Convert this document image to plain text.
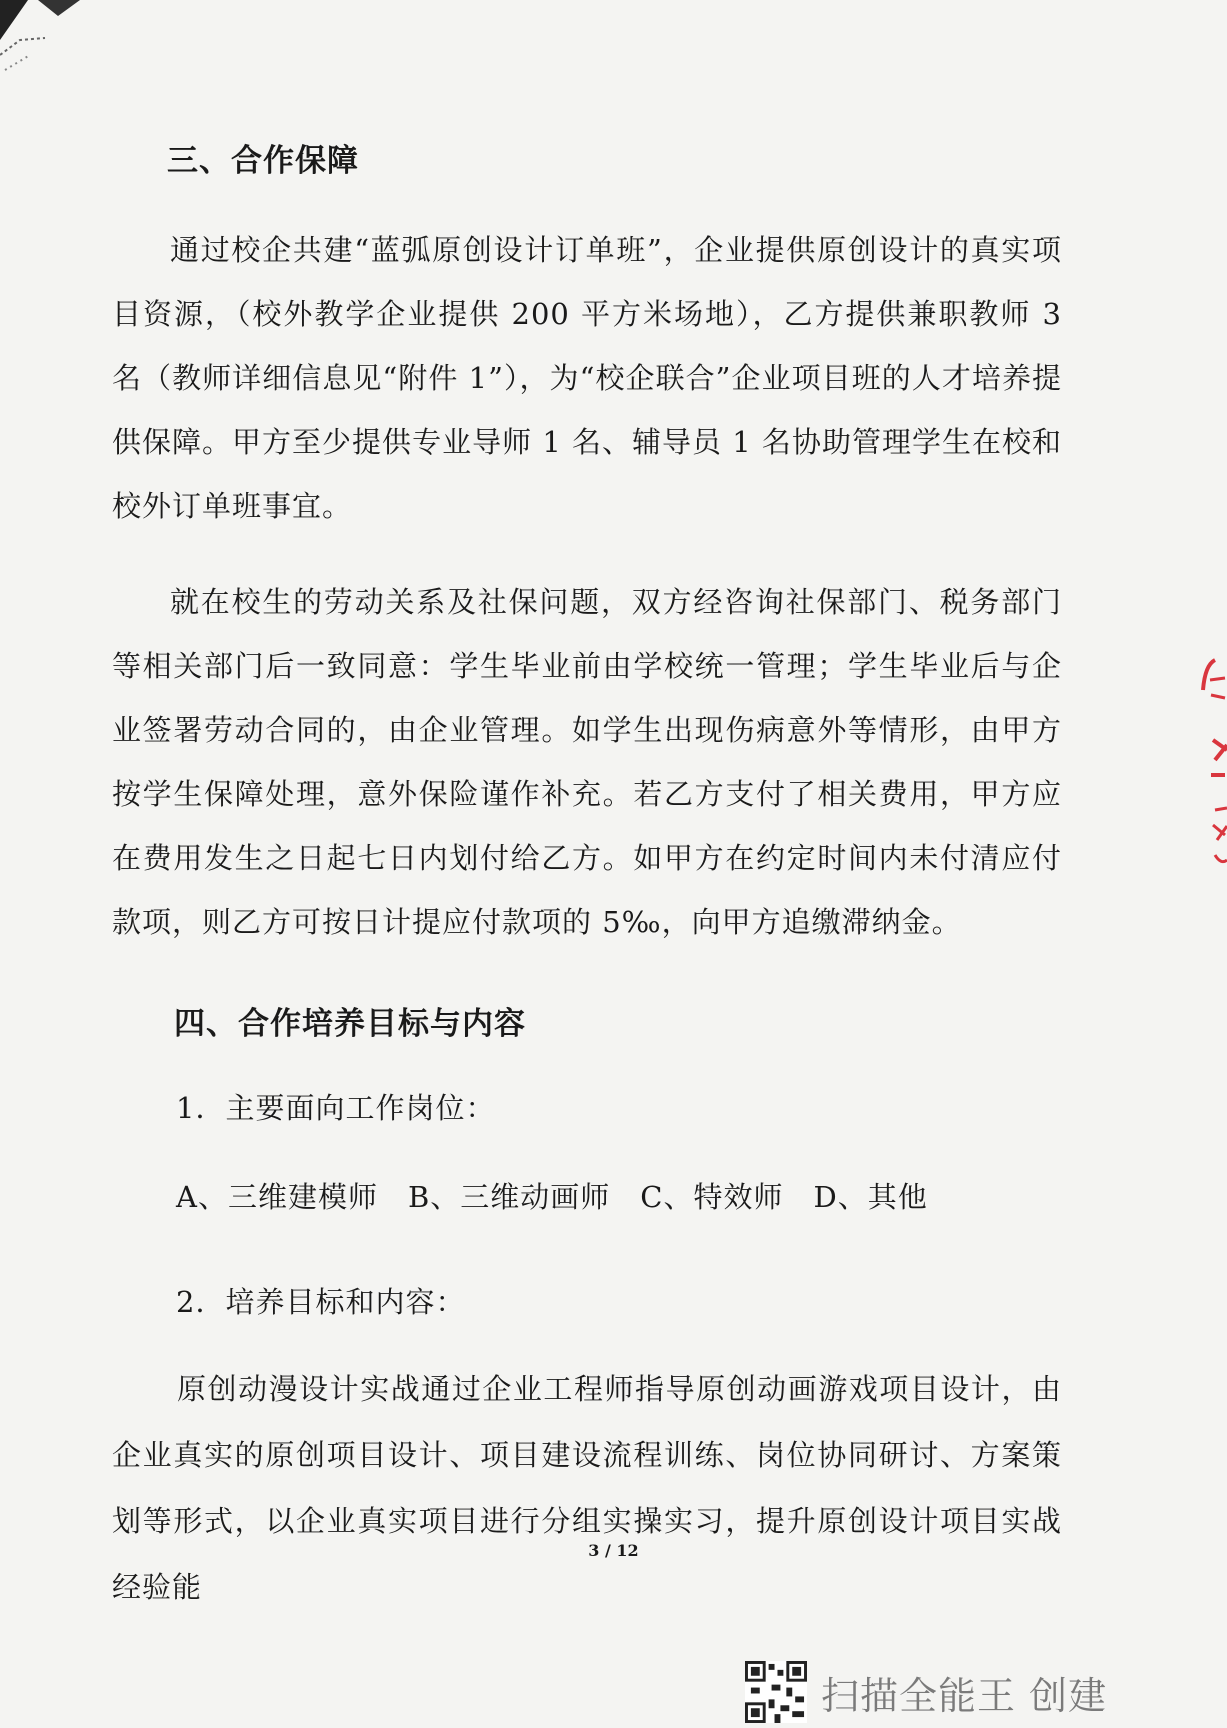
三、合作保障

通过校企共建“蓝弧原创设计订单班”，企业提供原创设计的真实项目资源，（校外教学企业提供 200 平方米场地），乙方提供兼职教师 3 名（教师详细信息见“附件 1”），为“校企联合”企业项目班的人才培养提供保障。甲方至少提供专业导师 1 名、辅导员 1 名协助管理学生在校和校外订单班事宜。

就在校生的劳动关系及社保问题，双方经咨询社保部门、税务部门等相关部门后一致同意：学生毕业前由学校统一管理；学生毕业后与企业签署劳动合同的，由企业管理。如学生出现伤病意外等情形，由甲方按学生保障处理，意外保险谨作补充。若乙方支付了相关费用，甲方应在费用发生之日起七日内划付给乙方。如甲方在约定时间内未付清应付款项，则乙方可按日计提应付款项的 5‰，向甲方追缴滞纳金。

四、合作培养目标与内容

1．主要面向工作岗位：

A、三维建模师　B、三维动画师　C、特效师　D、其他

2．培养目标和内容：

原创动漫设计实战通过企业工程师指导原创动画游戏项目设计，由企业真实的原创项目设计、项目建设流程训练、岗位协同研讨、方案策划等形式，以企业真实项目进行分组实操实习，提升原创设计项目实战经验能

3 / 12
扫描全能王 创建
